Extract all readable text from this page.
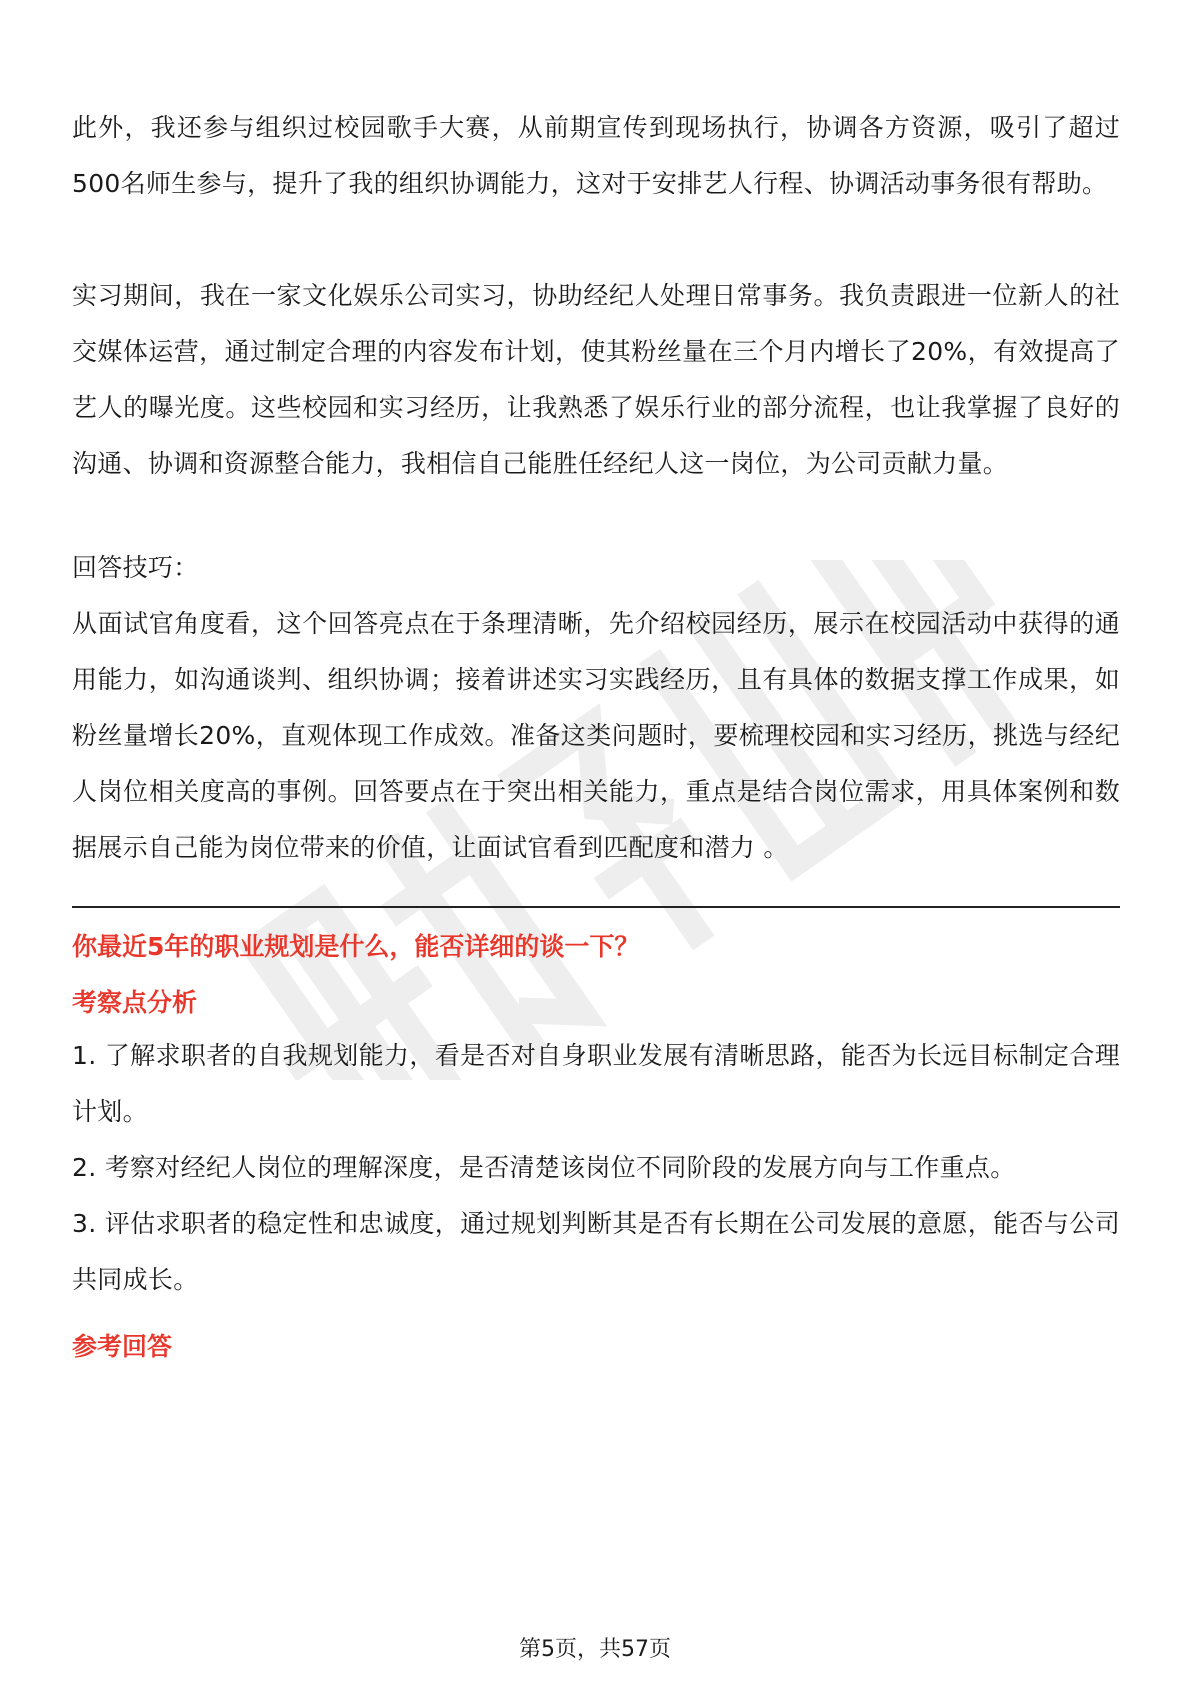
此外，我还参与组织过校园歌手大赛，从前期宣传到现场执行，协调各方资源，吸引了超过500名师生参与，提升了我的组织协调能力，这对于安排艺人行程、协调活动事务很有帮助。

实习期间，我在一家文化娱乐公司实习，协助经纪人处理日常事务。我负责跟进一位新人的社交媒体运营，通过制定合理的内容发布计划，使其粉丝量在三个月内增长了20%，有效提高了艺人的曝光度。这些校园和实习经历，让我熟悉了娱乐行业的部分流程，也让我掌握了良好的沟通、协调和资源整合能力，我相信自己能胜任经纪人这一岗位，为公司贡献力量。

回答技巧：

从面试官角度看，这个回答亮点在于条理清晰，先介绍校园经历，展示在校园活动中获得的通用能力，如沟通谈判、组织协调；接着讲述实习实践经历，且有具体的数据支撑工作成果，如粉丝量增长20%，直观体现工作成效。准备这类问题时，要梳理校园和实习经历，挑选与经纪人岗位相关度高的事例。回答要点在于突出相关能力，重点是结合岗位需求，用具体案例和数据展示自己能为岗位带来的价值，让面试官看到匹配度和潜力 。

你最近5年的职业规划是什么，能否详细的谈一下？
考察点分析

1. 了解求职者的自我规划能力，看是否对自身职业发展有清晰思路，能否为长远目标制定合理计划。

2. 考察对经纪人岗位的理解深度，是否清楚该岗位不同阶段的发展方向与工作重点。

3. 评估求职者的稳定性和忠诚度，通过规划判断其是否有长期在公司发展的意愿，能否与公司共同成长。

参考回答
第5页，共57页
